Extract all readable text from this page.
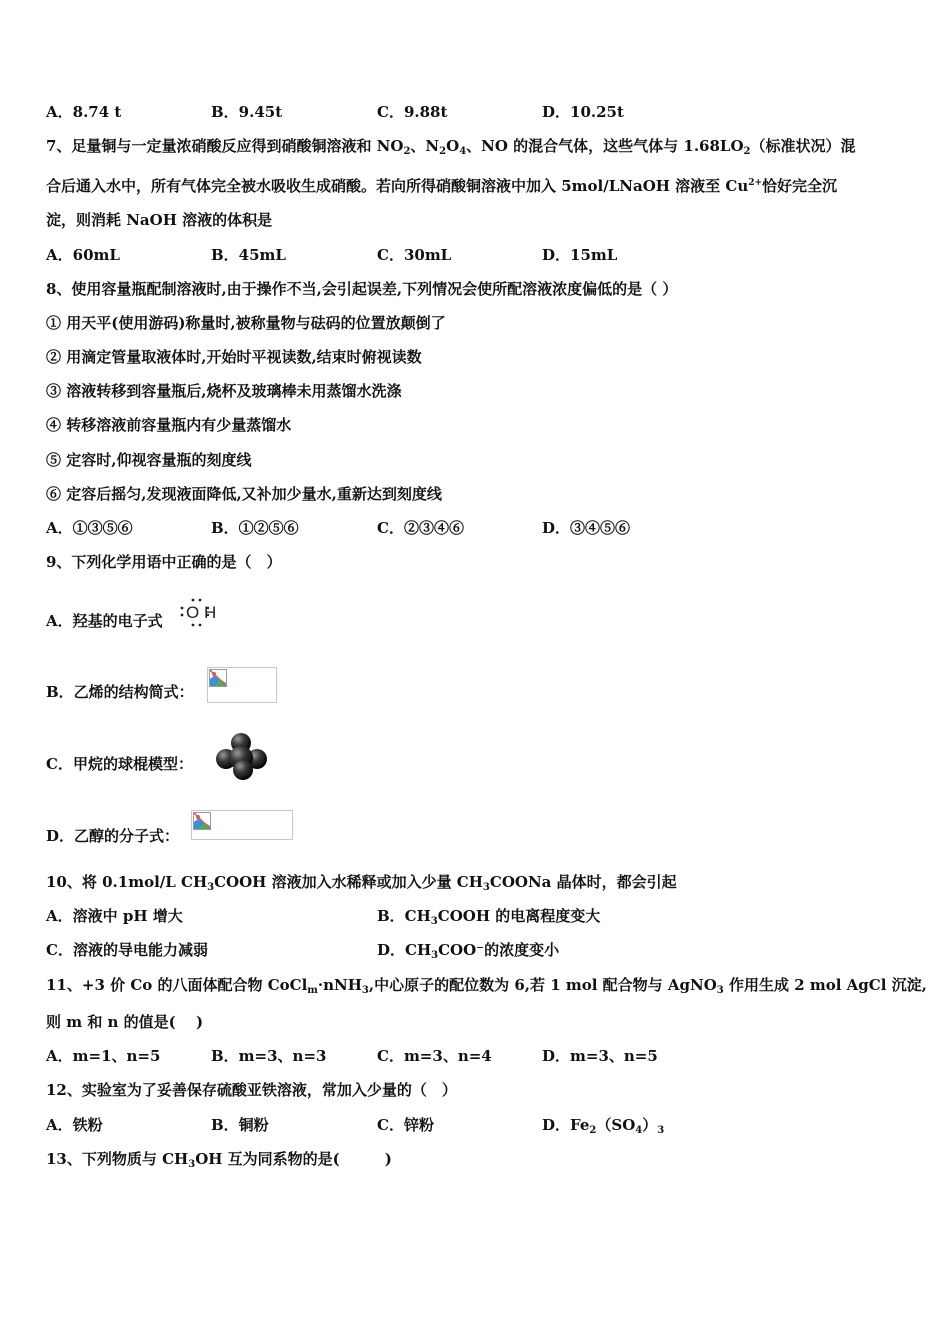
A．8.74 t	B．9.45t	C．9.88t	D．10.25t
7、足量铜与一定量浓硝酸反应得到硝酸铜溶液和 $NO_2$、$N_2O_4$、NO 的混合气体，这些气体与 $1.68LO_2$（标准状况）混
合后通入水中，所有气体完全被水吸收生成硝酸。若向所得硝酸铜溶液中加入 5mol/LNaOH 溶液至 $Cu^{2+}$恰好完全沉
淀，则消耗 NaOH 溶液的体积是
A．60mL	B．45mL	C．30mL	D．15mL
8、使用容量瓶配制溶液时,由于操作不当,会引起误差,下列情况会使所配溶液浓度偏低的是（ ）
① 用天平(使用游码)称量时,被称量物与砝码的位置放颠倒了
② 用滴定管量取液体时,开始时平视读数,结束时俯视读数
③ 溶液转移到容量瓶后,烧杯及玻璃棒未用蒸馏水洗涤
④ 转移溶液前容量瓶内有少量蒸馏水
⑤ 定容时,仰视容量瓶的刻度线
⑥ 定容后摇匀,发现液面降低,又补加少量水,重新达到刻度线
A．①③⑤⑥	B．①②⑤⑥	C．②③④⑥	D．③④⑤⑥
9、下列化学用语中正确的是（　）
A．羟基的电子式 O H
B．乙烯的结构简式：
C．甲烷的球棍模型：
D．乙醇的分子式：
10、将 0.1mol/L $CH_3COOH$ 溶液加入水稀释或加入少量 $CH_3COONa$ 晶体时，都会引起
A．溶液中 pH 增大	B．$CH_3COOH$ 的电离程度变大
C．溶液的导电能力减弱	D．$CH_3COO^-$的浓度变小
11、+3 价 Co 的八面体配合物 CoCl$_m$·nNH$_3$,中心原子的配位数为 6,若 1 mol 配合物与 AgNO$_3$ 作用生成 2 mol AgCl 沉淀,
则 m 和 n 的值是(　 )
A．m=1、n=5	B．m=3、n=3	C．m=3、n=4	D．m=3、n=5
12、实验室为了妥善保存硫酸亚铁溶液，常加入少量的（　）
A．铁粉	B．铜粉	C．锌粉	D．$Fe_2(SO_4)_3$
13、下列物质与 $CH_3OH$ 互为同系物的是(　　　)
